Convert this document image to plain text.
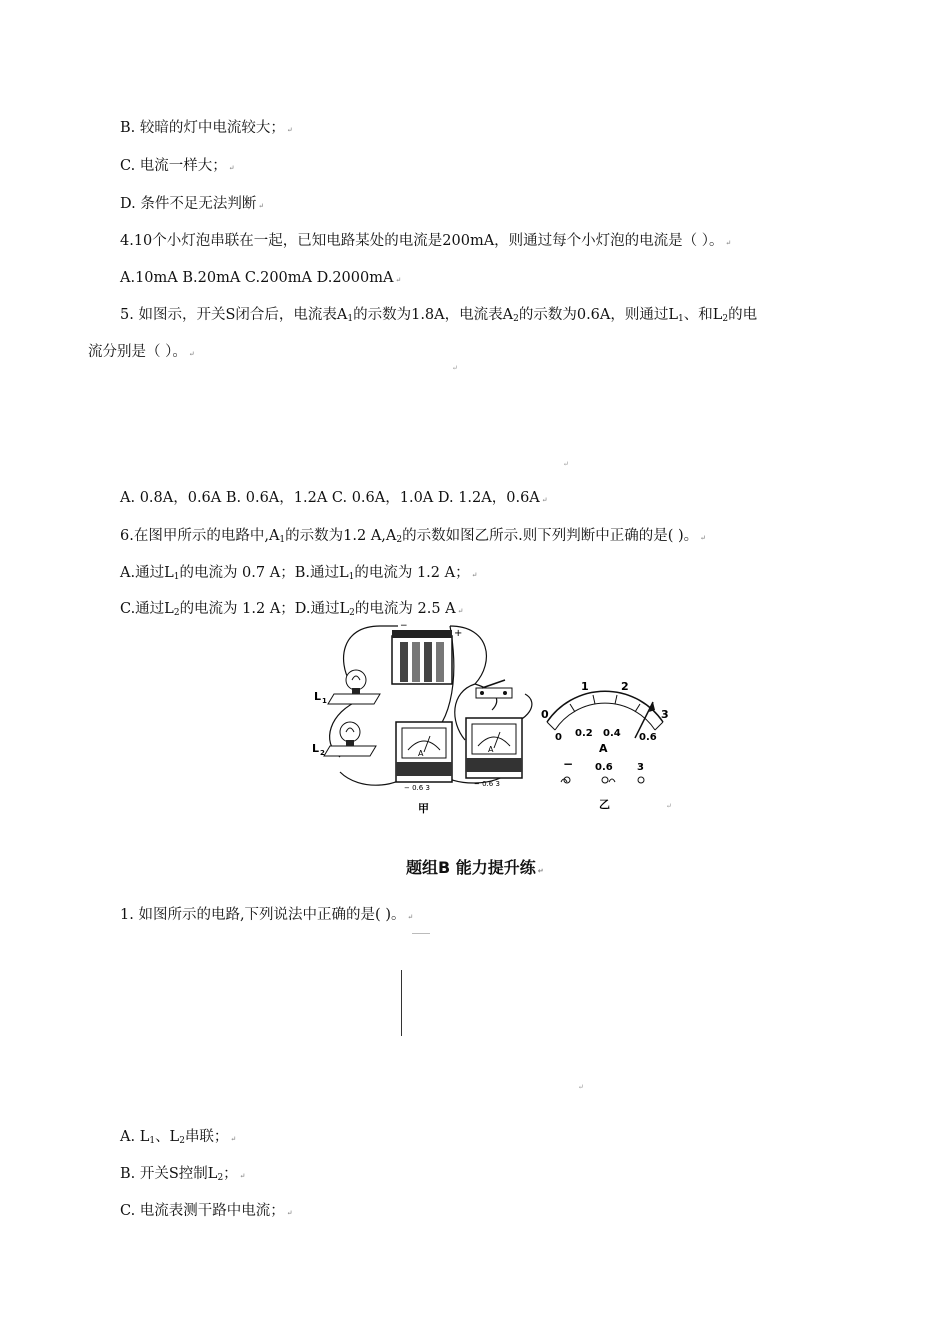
B. 较暗的灯中电流较大； ↵
C. 电流一样大； ↵
D. 条件不足无法判断 ↵
4.10个小灯泡串联在一起，已知电路某处的电流是200mA，则通过每个小灯泡的电流是（ ）。 ↵
A.10mA B.20mA C.200mA D.2000mA ↵
5. 如图示，开关S闭合后，电流表$A_1$的示数为1.8A，电流表$A_2$的示数为0.6A，则通过$L_1$、和$L_2$的电
流分别是（ ）。 ↵
↵
↵
A. 0.8A，0.6A B. 0.6A，1.2A C. 0.6A，1.0A D. 1.2A，0.6A ↵
6.在图甲所示的电路中$,A_1$的示数为1.2 $A,A_2$的示数如图乙所示.则下列判断中正确的是( )。 ↵
A.通过$L_1$的电流为 0.7 A；B.通过$L_1$的电流为 1.2 A； ↵
C.通过$L_2$的电流为 1.2 A；D.通过$L_2$的电流为 2.5 A ↵
−
+
L 1
L 2	A
− 0.6 3
A
− 0.6 3
甲
0
1	2
3
0 0.2 0.4 0.6
A
− 0.6 3
乙	↵
题组B 能力提升练 ↵
1. 如图所示的电路,下列说法中正确的是( )。 ↵
↵
A. $L_1$、$L_2$串联； ↵
B. 开关S控制$L_2$； ↵
C. 电流表测干路中电流； ↵
